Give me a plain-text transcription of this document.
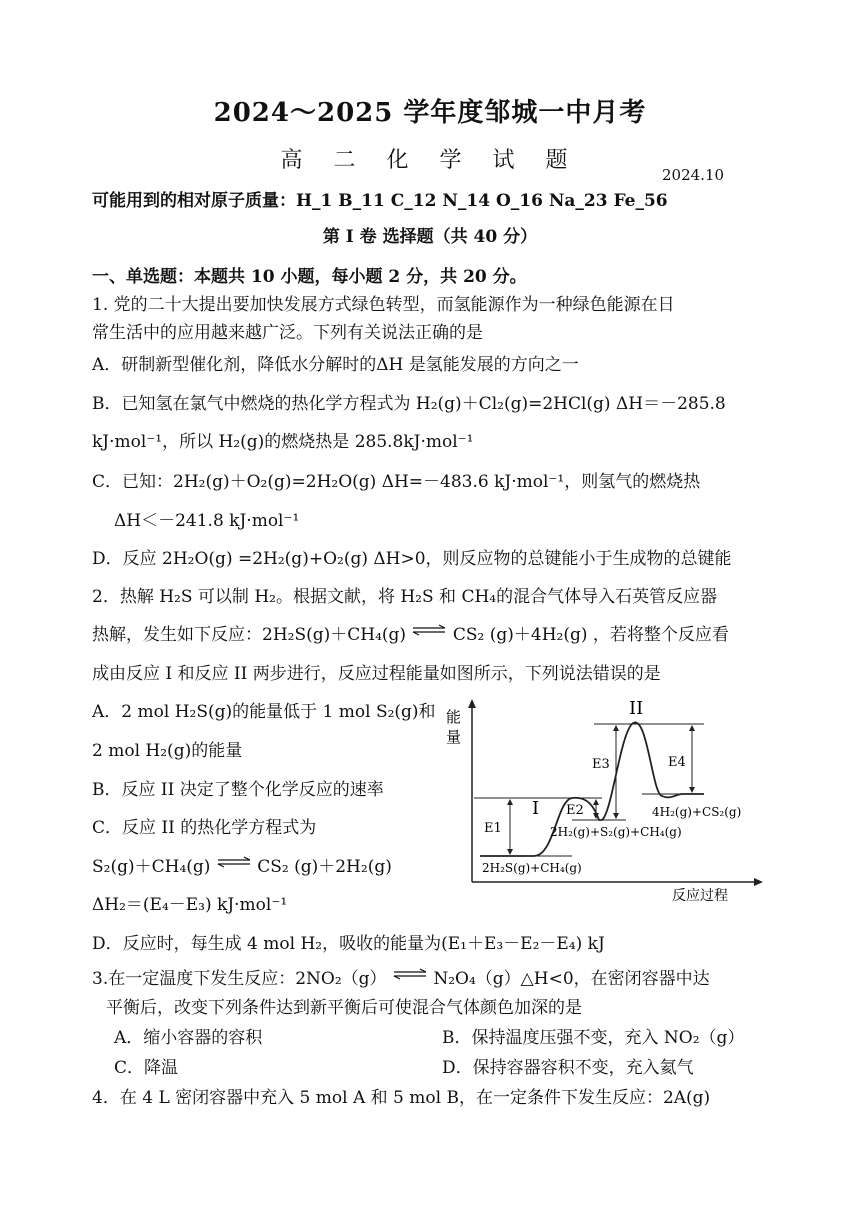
2024～2025 学年度邹城一中月考
高 二 化 学 试 题
2024.10
可能用到的相对原子质量：H_1 B_11 C_12 N_14 O_16 Na_23 Fe_56
第 I 卷 选择题（共 40 分）
一、单选题：本题共 10 小题，每小题 2 分，共 20 分。
1. 党的二十大提出要加快发展方式绿色转型，而氢能源作为一种绿色能源在日
常生活中的应用越来越广泛。下列有关说法正确的是
A．研制新型催化剂，降低水分解时的ΔH 是氢能发展的方向之一
B．已知氢在氯气中燃烧的热化学方程式为 H₂(g)＋Cl₂(g)=2HCl(g) ΔH＝－285.8
kJ·mol⁻¹，所以 H₂(g)的燃烧热是 285.8kJ·mol⁻¹
C．已知：2H₂(g)＋O₂(g)=2H₂O(g) ΔH=－483.6 kJ·mol⁻¹，则氢气的燃烧热
ΔH＜－241.8 kJ·mol⁻¹
D．反应 2H₂O(g) =2H₂(g)+O₂(g) ΔH>0，则反应物的总键能小于生成物的总键能
2．热解 H₂S 可以制 H₂。根据文献，将 H₂S 和 CH₄的混合气体导入石英管反应器
热解，发生如下反应：2H₂S(g)＋CH₄(g) ⇌ CS₂ (g)＋4H₂(g) ，若将整个反应看
成由反应 I 和反应 II 两步进行，反应过程能量如图所示，下列说法错误的是
A．2 mol H₂S(g)的能量低于 1 mol S₂(g)和
2 mol H₂(g)的能量
B．反应 II 决定了整个化学反应的速率
C．反应 II 的热化学方程式为
S₂(g)＋CH₄(g) ⇌ CS₂ (g)＋2H₂(g)
ΔH₂＝(E₄－E₃) kJ·mol⁻¹
D．反应时，每生成 4 mol H₂，吸收的能量为(E₁＋E₃－E₂－E₄) kJ
能
量
反应过程
I
II
E1
E2
E3	E4
2H₂S(g)+CH₄(g)
2H₂(g)+S₂(g)+CH₄(g)
4H₂(g)+CS₂(g)
3.在一定温度下发生反应：2NO₂（g） ⇌ N₂O₄（g）△H<0，在密闭容器中达
平衡后，改变下列条件达到新平衡后可使混合气体颜色加深的是
A．缩小容器的容积	B．保持温度压强不变，充入 NO₂（g）
C．降温	D．保持容器容积不变，充入氦气
4．在 4 L 密闭容器中充入 5 mol A 和 5 mol B，在一定条件下发生反应：2A(g)
